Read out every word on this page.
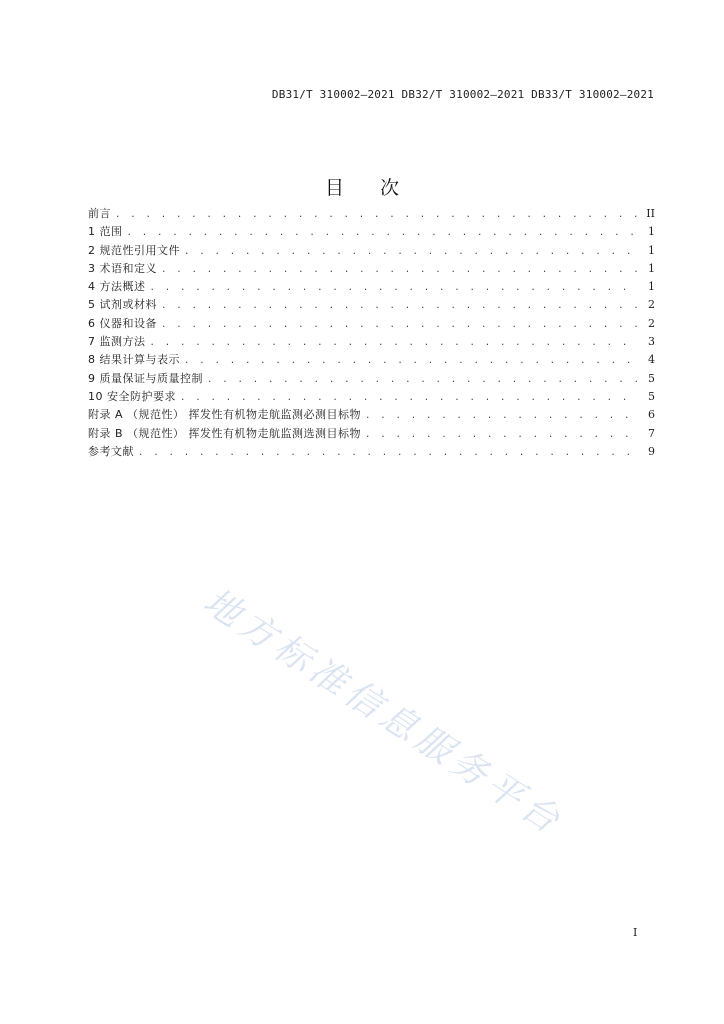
DB31/T 310002—2021 DB32/T 310002—2021 DB33/T 310002—2021
目次
前言 . . .	II
1 范围 . . .	1
2 规范性引用文件 . . .	1
3 术语和定义 . . .	1
4 方法概述 . . .	1
5 试剂或材料 . . .	2
6 仪器和设备 . . .	2
7 监测方法 . . .	3
8 结果计算与表示 . . .	4
9 质量保证与质量控制 . . .	5
10 安全防护要求 . . .	5
附录 A （规范性） 挥发性有机物走航监测必测目标物 . . .	6
附录 B （规范性） 挥发性有机物走航监测选测目标物 . . .	7
参考文献 . . .	9
地方标准信息服务平台
I
